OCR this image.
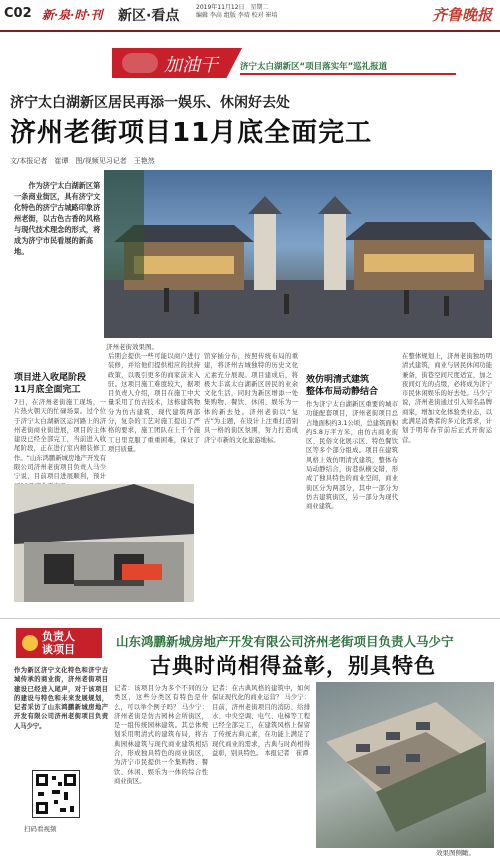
C02 新·泉·时·刊 新区·看点
2019年11月12日　星期二
编辑 李高 组版 李靖 校对 崔培	齐鲁晚报
加油干	济宁太白湖新区“项目落实年”巡礼报道
济宁太白湖新区居民再添一娱乐、休闲好去处
济州老街项目11月底全面完工
文/本报记者　崔谭　图/视频见习记者　王艳然
作为济宁太白湖新区第一条商业街区，具有济宁文化特色的济宁古城路印象济州老街，以古色古香的风格与现代技术理念的形式，将成为济宁市民看展的新高地。
济州老街效果图。
项目进入收尾阶段
11月底全面完工
7日，在济州老街施工现场，一片热火朝天的忙碌场景。过个位于济宁太白湖新区运河路上的济州老街商业街进展，项目的主体建设已经全部完工，当前进入收尾阶段，正在进行室内精装修工作。“山东鸿鹏新城房地产开发有限公司济州老街项目负责人马少宁说，目前项目进展顺利，预计
后期会提供一些可能以商户进行装修，并给他们提供相应的扶持政策，以吸引更多的商家前来入驻。这项目施工难度较大，据项目负责人介绍，项目在施工中大量采用了仿古技术，这栋建筑物分为仿古建筑、现代建筑两部分，复杂的工艺对施工提出了严格的要求，施工团队在上千个施工日里克服了重重困难，保证了项目质量。
馆穿插分布，按照传统布局的重建，将济州古城独特的历史文化元素充分展现。项目建成后，将极大丰富太白湖新区居民的业余文化生活，同时为新区增添一处集购物、餐饮、休闲、娱乐为一体的新去处。济州老街以“复古”为主题，在设计上注重打造别具一格的街区氛围，努力打造成济宁市新的文化旅游地标。
效仿明清式建筑
整体布局动静结合
作为济宁太白湖新区重要的城市功能配套项目，济州老街项目总占地面积约3.1公顷，总建筑面积约5.8万平方米，由仿古商业街区、民俗文化展示区、特色餐饮区等多个部分组成。项目在建筑风格上效仿明清式建筑，整体布局动静结合，街巷纵横交错，形成了独具特色的商业空间，商业街区分为两部分，其中一部分为仿古建筑街区，另一部分为现代商业建筑。
在整体规划上，济州老街独坊明清式建筑，商业与居民休闲功能兼备，街巷空间尺度适宜，加之夜间灯光的点缀，必将成为济宁市民休闲娱乐的好去处。马少宁说，济州老街通过引入知名品牌商家，增加文化体验类业态，以此满足消费者的多元化需求，计划于明年春节前后正式开街运营。
负责人
谈项目
山东鸿鹏新城房地产开发有限公司济州老街项目负责人马少宁
古典时尚相得益彰，别具特色
作为新区济宁文化特色和济宁古城传承的商业街，济州老街项目建设已经进入尾声，对于该项目的建设与特色和未来发展规划，记者采访了山东鸿鹏新城房地产开发有限公司济州老街项目负责人马少宁。
扫码看视频
记者：该项目分为多个不同的分类区，这些分类区有特色是什么，可以举个例子吗？ 马少宁：济州老街是仿古园林会所街区，是一组传统园林建筑。其总体规划采用明清式的建筑布局，将古典园林建筑与现代商业建筑相结合，形成独具特色的商业街区，为济宁市民提供一个集购物、餐饮、休闲、娱乐为一体的综合性商业街区。
记者：在古典风格的建筑中，如何保证现代化的商业运营？ 马少宁：目前，济州老街项目的消防、给排水、中央空调、电气、电梯等工程已经全部完工，在建筑风格上保留了传统古典元素，在功能上满足了现代商业的需求，古典与时尚相得益彰，别具特色。 本报记者　崔谭
效果图侧瞰。
